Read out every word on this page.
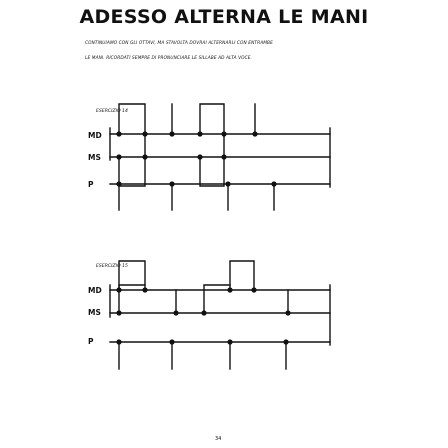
ADESSO ALTERNA LE MANI
CONTINUIAMO CON GLI OTTAVI, MA STAVOLTA DOVRAI ALTERNARLI CON ENTRAMBE
LE MANI. RICORDATI SEMPRE DI PRONUNCIARE LE SILLABE AD ALTA VOCE.
ESERCIZIO 14
MD
MS
P
ESERCIZIO 15
MD
MS
P
34
